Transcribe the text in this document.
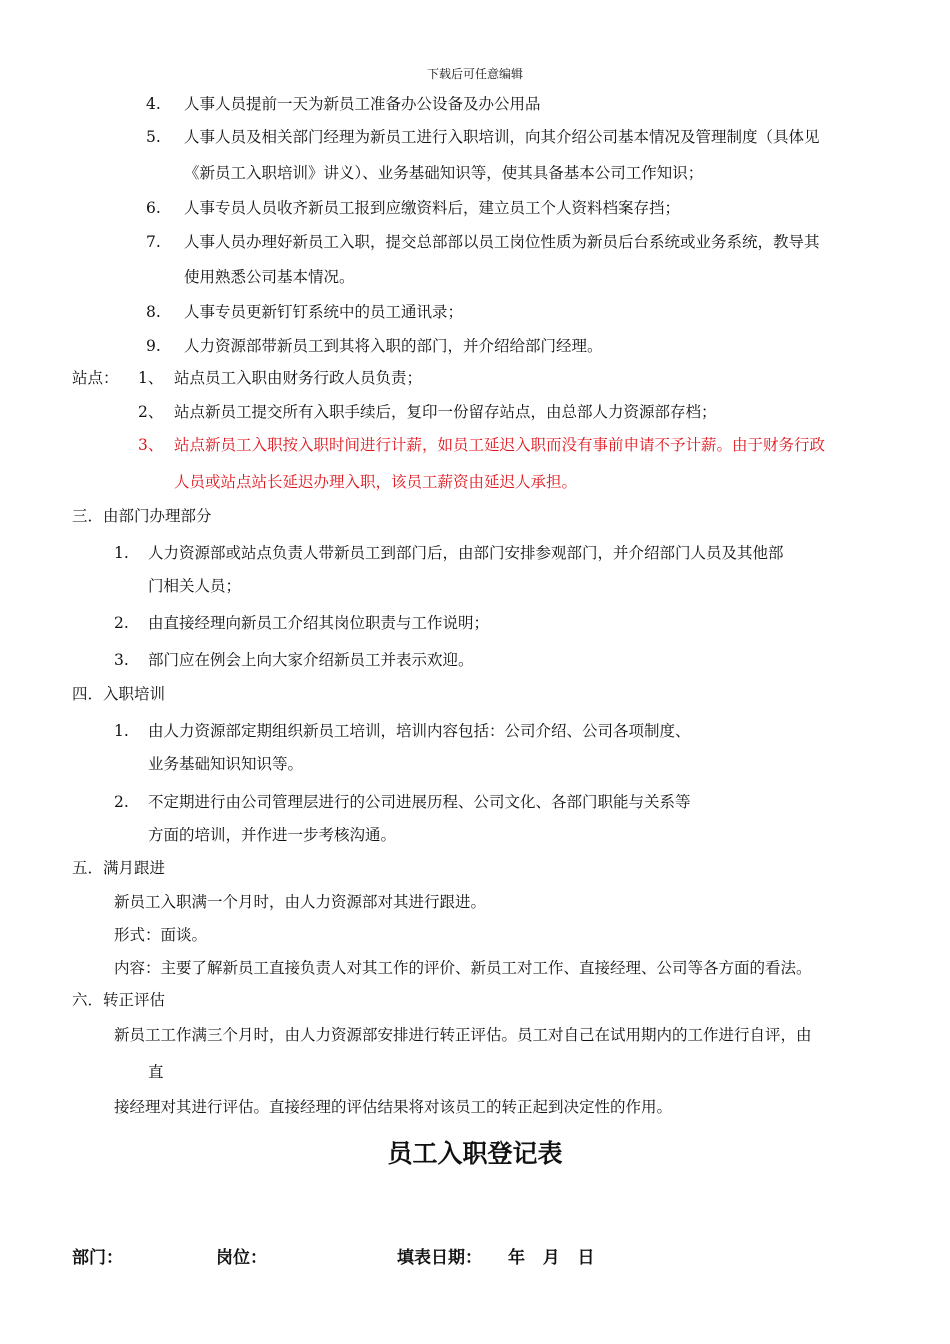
下载后可任意编辑
4. 人事人员提前一天为新员工准备办公设备及办公用品
5. 人事人员及相关部门经理为新员工进行入职培训，向其介绍公司基本情况及管理制度（具体见
《新员工入职培训》讲义）、业务基础知识等，使其具备基本公司工作知识；
6. 人事专员人员收齐新员工报到应缴资料后，建立员工个人资料档案存挡；
7. 人事人员办理好新员工入职，提交总部部以员工岗位性质为新员后台系统或业务系统，教导其
使用熟悉公司基本情况。
8. 人事专员更新钉钉系统中的员工通讯录；
9. 人力资源部带新员工到其将入职的部门，并介绍给部门经理。
站点： 1、 站点员工入职由财务行政人员负责；
2、 站点新员工提交所有入职手续后，复印一份留存站点，由总部人力资源部存档；
3、 站点新员工入职按入职时间进行计薪，如员工延迟入职而没有事前申请不予计薪。由于财务行政
人员或站点站长延迟办理入职，该员工薪资由延迟人承担。
三．由部门办理部分
1. 人力资源部或站点负责人带新员工到部门后，由部门安排参观部门，并介绍部门人员及其他部
门相关人员；
2. 由直接经理向新员工介绍其岗位职责与工作说明；
3. 部门应在例会上向大家介绍新员工并表示欢迎。
四．入职培训
1. 由人力资源部定期组织新员工培训，培训内容包括：公司介绍、公司各项制度、
业务基础知识知识等。
2. 不定期进行由公司管理层进行的公司进展历程、公司文化、各部门职能与关系等
方面的培训，并作进一步考核沟通。
五．满月跟进
新员工入职满一个月时，由人力资源部对其进行跟进。
形式：面谈。
内容：主要了解新员工直接负责人对其工作的评价、新员工对工作、直接经理、公司等各方面的看法。
六．转正评估
新员工工作满三个月时，由人力资源部安排进行转正评估。员工对自己在试用期内的工作进行自评，由
直
接经理对其进行评估。直接经理的评估结果将对该员工的转正起到决定性的作用。
员工入职登记表
部门：	岗位：	填表日期： 年   月   日
